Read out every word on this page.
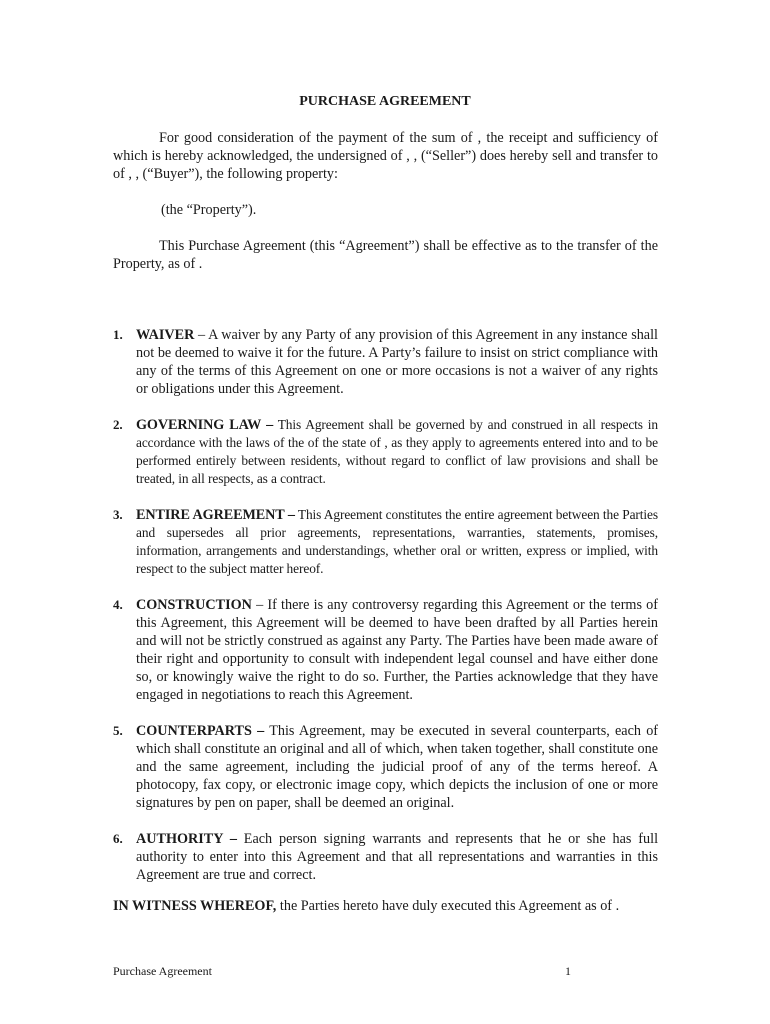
PURCHASE AGREEMENT
For good consideration of the payment of the sum of , the receipt and sufficiency of which is hereby acknowledged, the undersigned of , , (“Seller”) does hereby sell and transfer to of , , (“Buyer”), the following property:
(the “Property”).
This Purchase Agreement (this “Agreement”) shall be effective as to the transfer of the Property, as of .
1. WAIVER – A waiver by any Party of any provision of this Agreement in any instance shall not be deemed to waive it for the future. A Party’s failure to insist on strict compliance with any of the terms of this Agreement on one or more occasions is not a waiver of any rights or obligations under this Agreement.
2. GOVERNING LAW – This Agreement shall be governed by and construed in all respects in accordance with the laws of the of the state of , as they apply to agreements entered into and to be performed entirely between residents, without regard to conflict of law provisions and shall be treated, in all respects, as a contract.
3. ENTIRE AGREEMENT – This Agreement constitutes the entire agreement between the Parties and supersedes all prior agreements, representations, warranties, statements, promises, information, arrangements and understandings, whether oral or written, express or implied, with respect to the subject matter hereof.
4. CONSTRUCTION – If there is any controversy regarding this Agreement or the terms of this Agreement, this Agreement will be deemed to have been drafted by all Parties herein and will not be strictly construed as against any Party. The Parties have been made aware of their right and opportunity to consult with independent legal counsel and have either done so, or knowingly waive the right to do so. Further, the Parties acknowledge that they have engaged in negotiations to reach this Agreement.
5. COUNTERPARTS – This Agreement, may be executed in several counterparts, each of which shall constitute an original and all of which, when taken together, shall constitute one and the same agreement, including the judicial proof of any of the terms hereof. A photocopy, fax copy, or electronic image copy, which depicts the inclusion of one or more signatures by pen on paper, shall be deemed an original.
6. AUTHORITY – Each person signing warrants and represents that he or she has full authority to enter into this Agreement and that all representations and warranties in this Agreement are true and correct.
IN WITNESS WHEREOF, the Parties hereto have duly executed this Agreement as of .
Purchase Agreement	1
